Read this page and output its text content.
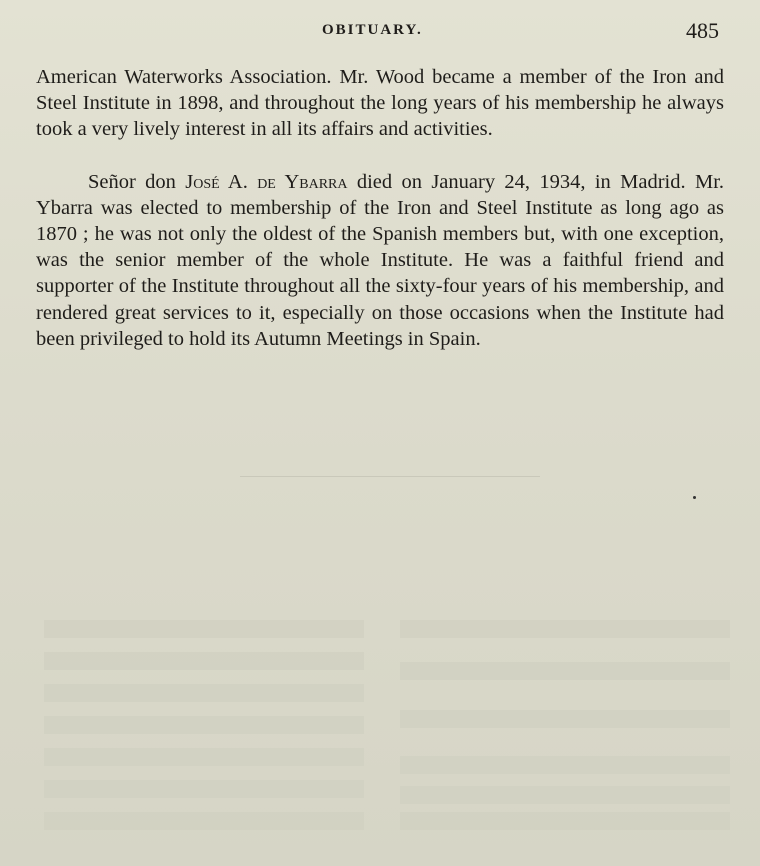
OBITUARY.	485

American Waterworks Association. Mr. Wood became a member of the Iron and Steel Institute in 1898, and throughout the long years of his membership he always took a very lively interest in all its affairs and activities.

Señor don José A. de Ybarra died on January 24, 1934, in Madrid. Mr. Ybarra was elected to membership of the Iron and Steel Institute as long ago as 1870 ; he was not only the oldest of the Spanish members but, with one exception, was the senior member of the whole Institute. He was a faithful friend and supporter of the Institute throughout all the sixty-four years of his membership, and rendered great services to it, especially on those occasions when the Institute had been privileged to hold its Autumn Meetings in Spain.
